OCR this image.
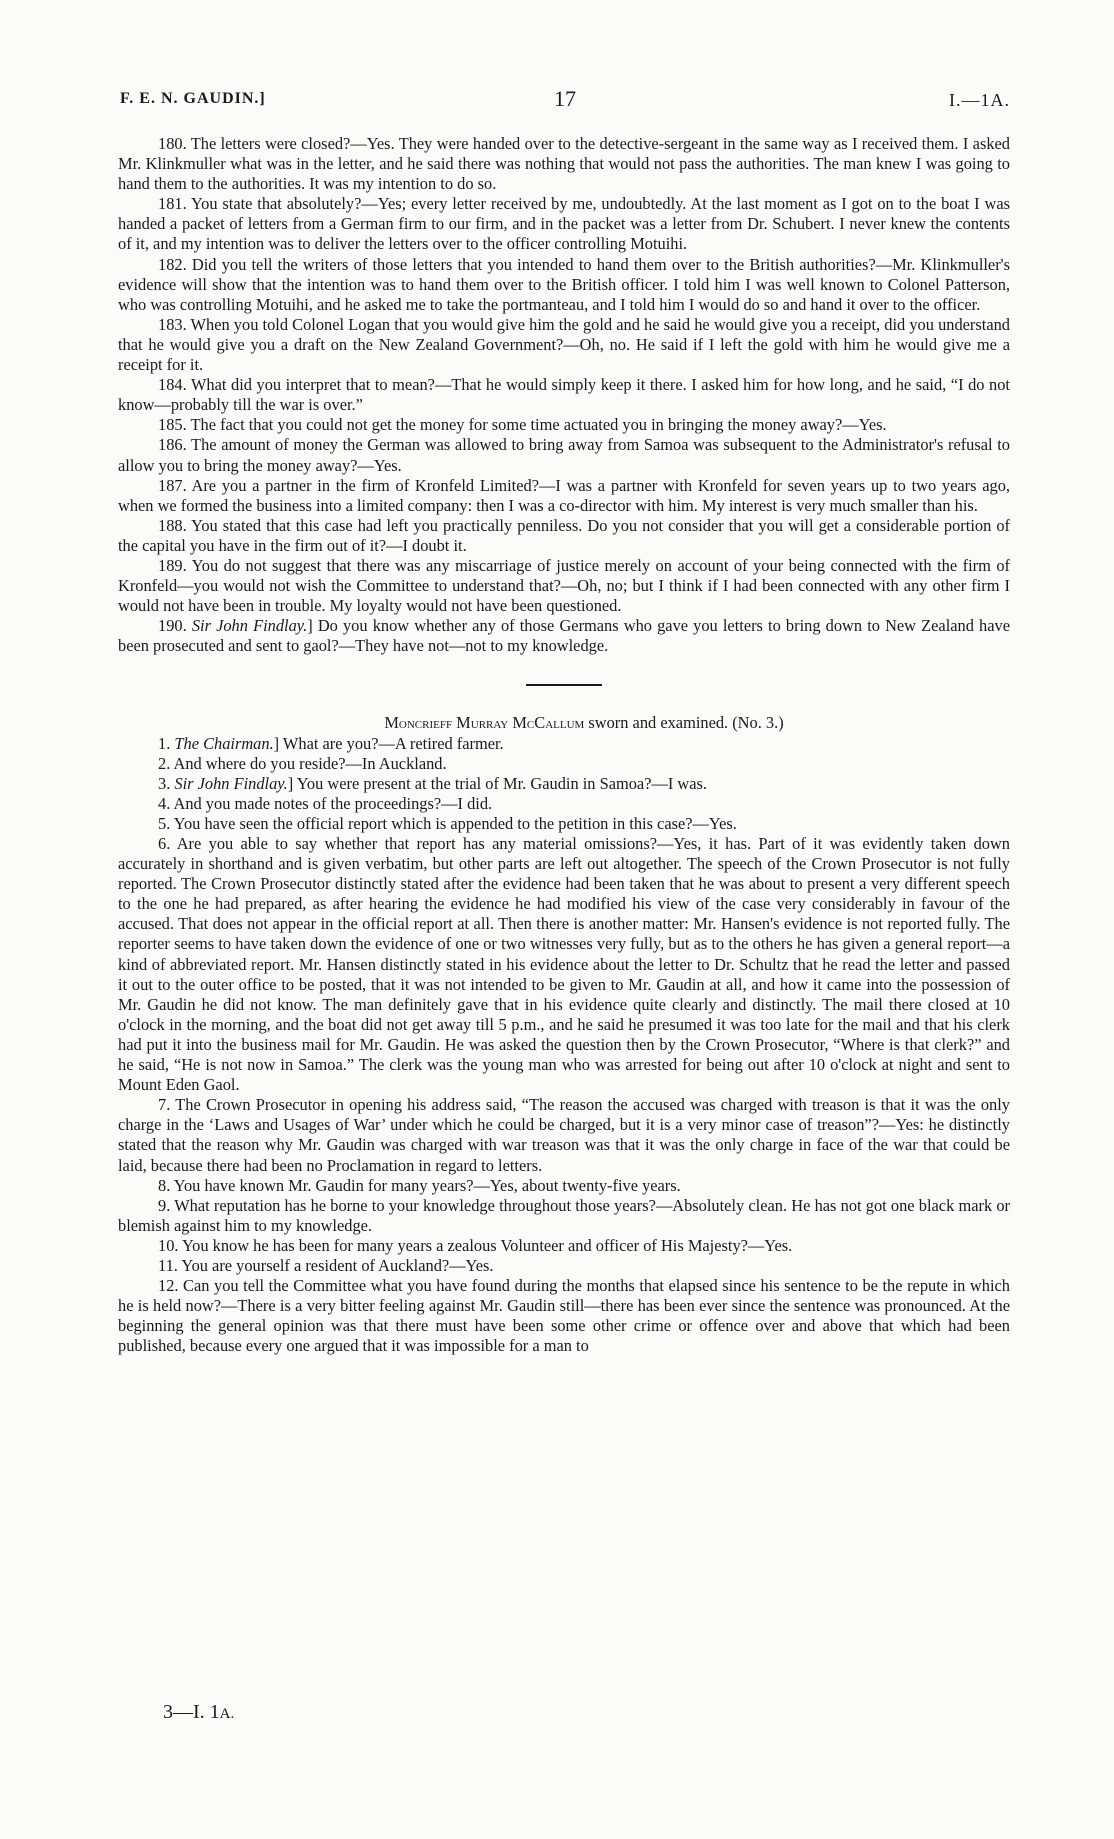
F. E. N. GAUDIN.]	17	I.—1A.

180. The letters were closed?—Yes. They were handed over to the detective-sergeant in the same way as I received them. I asked Mr. Klinkmuller what was in the letter, and he said there was nothing that would not pass the authorities. The man knew I was going to hand them to the authorities. It was my intention to do so.

181. You state that absolutely?—Yes; every letter received by me, undoubtedly. At the last moment as I got on to the boat I was handed a packet of letters from a German firm to our firm, and in the packet was a letter from Dr. Schubert. I never knew the contents of it, and my intention was to deliver the letters over to the officer controlling Motuihi.

182. Did you tell the writers of those letters that you intended to hand them over to the British authorities?—Mr. Klinkmuller's evidence will show that the intention was to hand them over to the British officer. I told him I was well known to Colonel Patterson, who was controlling Motuihi, and he asked me to take the portmanteau, and I told him I would do so and hand it over to the officer.

183. When you told Colonel Logan that you would give him the gold and he said he would give you a receipt, did you understand that he would give you a draft on the New Zealand Government?—Oh, no. He said if I left the gold with him he would give me a receipt for it.

184. What did you interpret that to mean?—That he would simply keep it there. I asked him for how long, and he said, “I do not know—probably till the war is over.”

185. The fact that you could not get the money for some time actuated you in bringing the money away?—Yes.

186. The amount of money the German was allowed to bring away from Samoa was subsequent to the Administrator's refusal to allow you to bring the money away?—Yes.

187. Are you a partner in the firm of Kronfeld Limited?—I was a partner with Kronfeld for seven years up to two years ago, when we formed the business into a limited company: then I was a co-director with him. My interest is very much smaller than his.

188. You stated that this case had left you practically penniless. Do you not consider that you will get a considerable portion of the capital you have in the firm out of it?—I doubt it.

189. You do not suggest that there was any miscarriage of justice merely on account of your being connected with the firm of Kronfeld—you would not wish the Committee to understand that?—Oh, no; but I think if I had been connected with any other firm I would not have been in trouble. My loyalty would not have been questioned.

190. Sir John Findlay.] Do you know whether any of those Germans who gave you letters to bring down to New Zealand have been prosecuted and sent to gaol?—They have not—not to my knowledge.

Moncrieff Murray McCallum sworn and examined. (No. 3.)

1. The Chairman.] What are you?—A retired farmer.

2. And where do you reside?—In Auckland.

3. Sir John Findlay.] You were present at the trial of Mr. Gaudin in Samoa?—I was.

4. And you made notes of the proceedings?—I did.

5. You have seen the official report which is appended to the petition in this case?—Yes.

6. Are you able to say whether that report has any material omissions?—Yes, it has. Part of it was evidently taken down accurately in shorthand and is given verbatim, but other parts are left out altogether. The speech of the Crown Prosecutor is not fully reported. The Crown Prosecutor distinctly stated after the evidence had been taken that he was about to present a very different speech to the one he had prepared, as after hearing the evidence he had modified his view of the case very considerably in favour of the accused. That does not appear in the official report at all. Then there is another matter: Mr. Hansen's evidence is not reported fully. The reporter seems to have taken down the evidence of one or two witnesses very fully, but as to the others he has given a general report—a kind of abbreviated report. Mr. Hansen distinctly stated in his evidence about the letter to Dr. Schultz that he read the letter and passed it out to the outer office to be posted, that it was not intended to be given to Mr. Gaudin at all, and how it came into the possession of Mr. Gaudin he did not know. The man definitely gave that in his evidence quite clearly and distinctly. The mail there closed at 10 o'clock in the morning, and the boat did not get away till 5 p.m., and he said he presumed it was too late for the mail and that his clerk had put it into the business mail for Mr. Gaudin. He was asked the question then by the Crown Prosecutor, “Where is that clerk?” and he said, “He is not now in Samoa.” The clerk was the young man who was arrested for being out after 10 o'clock at night and sent to Mount Eden Gaol.

7. The Crown Prosecutor in opening his address said, “The reason the accused was charged with treason is that it was the only charge in the ‘Laws and Usages of War’ under which he could be charged, but it is a very minor case of treason”?—Yes: he distinctly stated that the reason why Mr. Gaudin was charged with war treason was that it was the only charge in face of the war that could be laid, because there had been no Proclamation in regard to letters.

8. You have known Mr. Gaudin for many years?—Yes, about twenty-five years.

9. What reputation has he borne to your knowledge throughout those years?—Absolutely clean. He has not got one black mark or blemish against him to my knowledge.

10. You know he has been for many years a zealous Volunteer and officer of His Majesty?—Yes.

11. You are yourself a resident of Auckland?—Yes.

12. Can you tell the Committee what you have found during the months that elapsed since his sentence to be the repute in which he is held now?—There is a very bitter feeling against Mr. Gaudin still—there has been ever since the sentence was pronounced. At the beginning the general opinion was that there must have been some other crime or offence over and above that which had been published, because every one argued that it was impossible for a man to

3—I. 1A.
